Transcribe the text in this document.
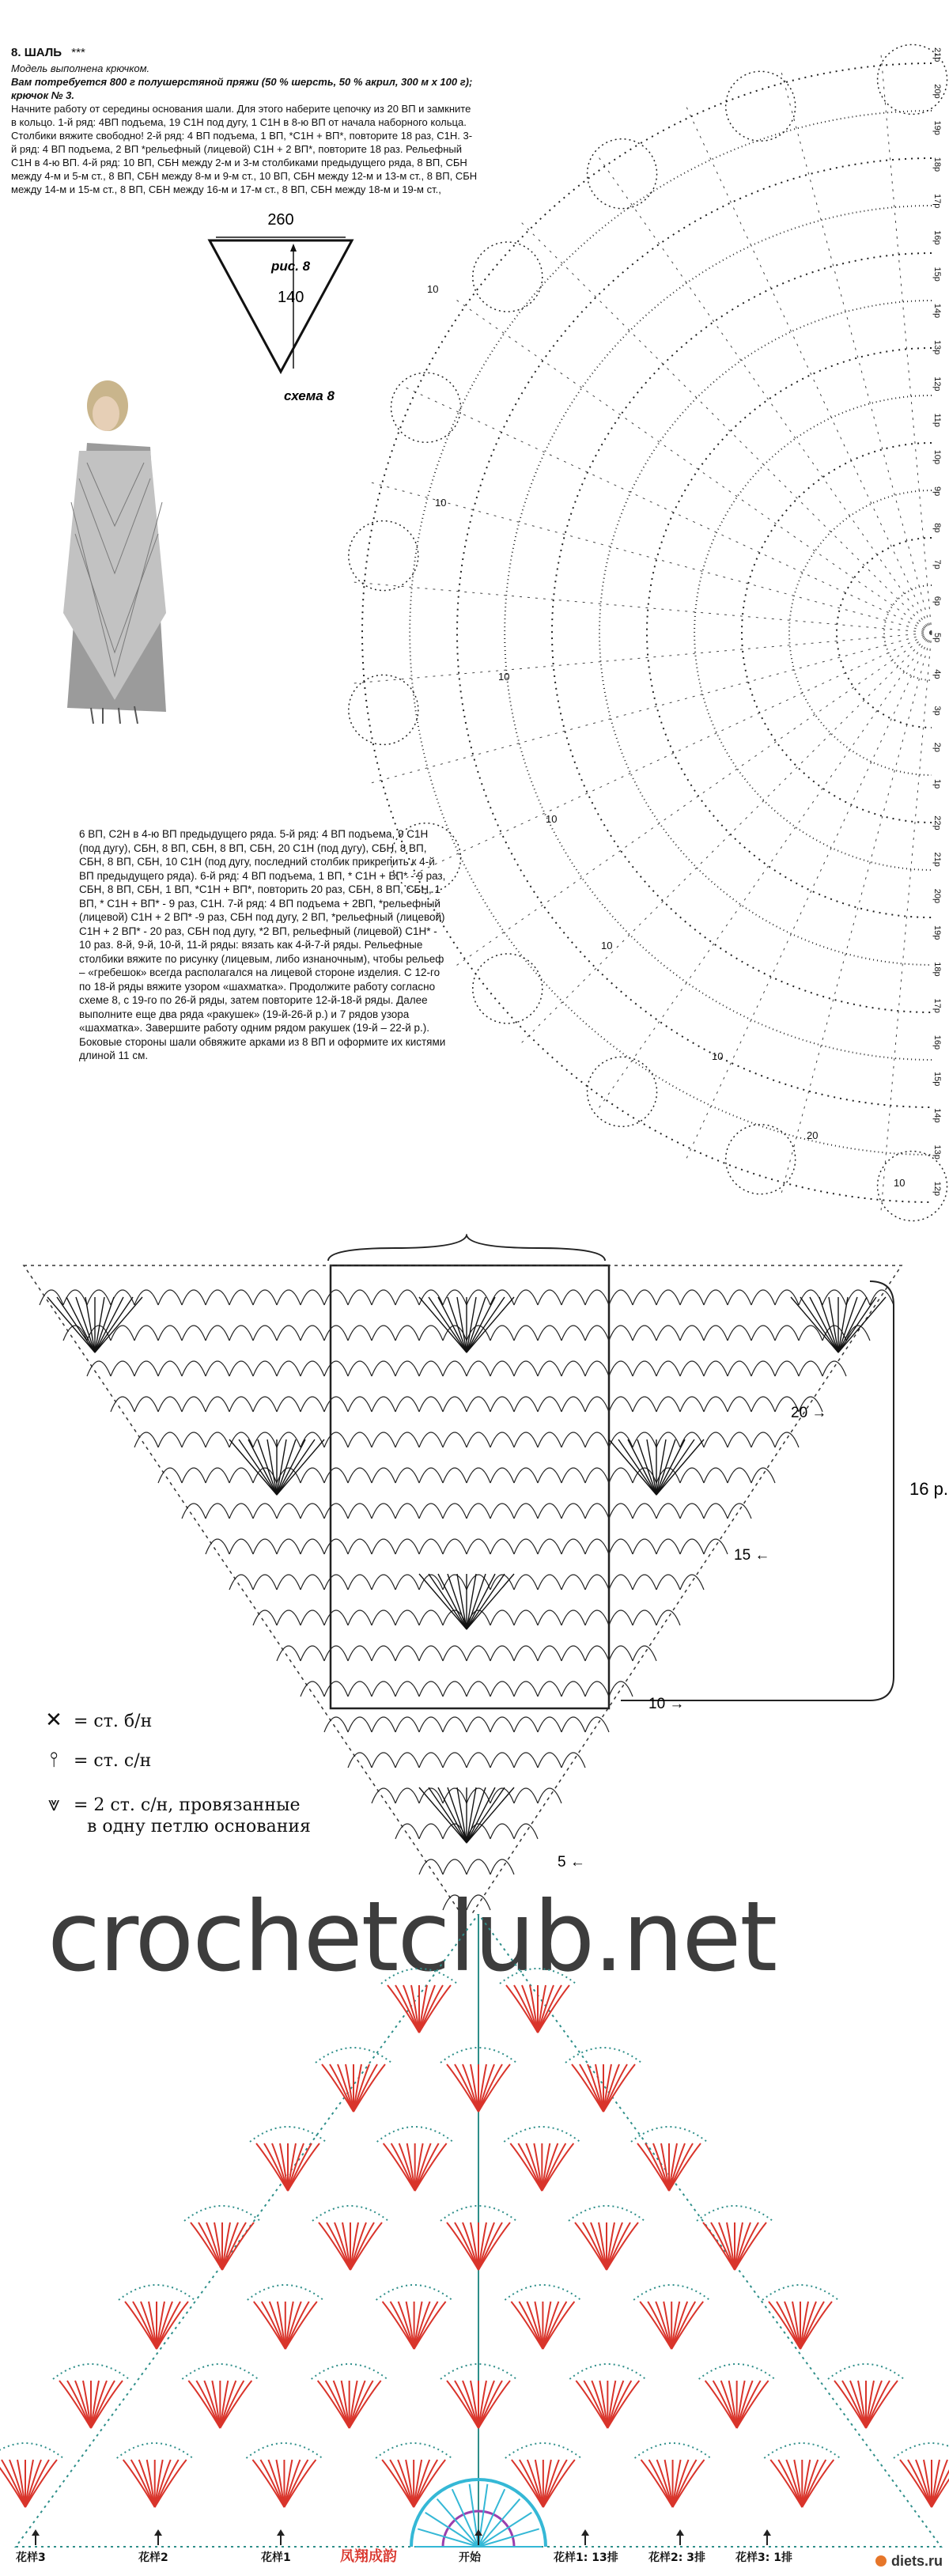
8. ШАЛЬ ***
Модель выполнена крючком.
Вам потребуется 800 г полушерстяной пряжи (50 % шерсть, 50 % акрил, 300 м x 100 г); крючок № 3.
Начните работу от середины основания шали. Для этого наберите цепочку из 20 ВП и замкните в кольцо. 1-й ряд: 4ВП подъема, 19 С1Н под дугу, 1 С1Н в 8-ю ВП от начала наборного кольца. Столбики вяжите свободно! 2-й ряд: 4 ВП подъема, 1 ВП, *С1Н + ВП*, повторите 18 раз, С1Н. 3-й ряд: 4 ВП подъема, 2 ВП *рельефный (лицевой) С1Н + 2 ВП*, повторите 18 раз. Рельефный С1Н в 4-ю ВП. 4-й ряд: 10 ВП, СБН между 2-м и 3-м столбиками предыдущего ряда, 8 ВП, СБН между 4-м и 5-м ст., 8 ВП, СБН между 8-м и 9-м ст., 10 ВП, СБН между 12-м и 13-м ст., 8 ВП, СБН между 14-м и 15-м ст., 8 ВП, СБН между 16-м и 17-м ст., 8 ВП, СБН между 18-м и 19-м ст.,
260
140
рис. 8
схема 8
21р
20р
19р
18р
17р
16р
15р
14р
13р
12р
11р
10р
9р
8р
7р
6р
5р
4р
3р
2р
1р
22р
21р
20р
19р
18р
17р
16р
15р
14р
13р
12р
10
10
10
10
10
10
20
10
6 ВП, С2Н в 4-ю ВП предыдущего ряда. 5-й ряд: 4 ВП подъема, 9 С1Н (под дугу), СБН, 8 ВП, СБН, 8 ВП, СБН, 20 С1Н (под дугу), СБН, 8 ВП, СБН, 8 ВП, СБН, 10 С1Н (под дугу, последний столбик прикрепить к 4-й ВП предыдущего ряда). 6-й ряд: 4 ВП подъема, 1 ВП, * С1Н + ВП* - 9 раз, СБН, 8 ВП, СБН, 1 ВП, *С1Н + ВП*, повторить 20 раз, СБН, 8 ВП, СБН, 1 ВП, * С1Н + ВП* - 9 раз, С1Н. 7-й ряд: 4 ВП подъема + 2ВП, *рельефный (лицевой) С1Н + 2 ВП* -9 раз, СБН под дугу, 2 ВП, *рельефный (лицевой) С1Н + 2 ВП* - 20 раз, СБН под дугу, *2 ВП, рельефный (лицевой) С1Н* - 10 раз. 8-й, 9-й, 10-й, 11-й ряды: вязать как 4-й-7-й ряды. Рельефные столбики вяжите по рисунку (лицевым, либо изнаночным), чтобы рельеф – «гребешок» всегда располагался на лицевой стороне изделия. С 12-го по 18-й ряды вяжите узором «шахматка». Продолжите работу согласно схеме 8, с 19-го по 26-й ряды, затем повторите 12-й-18-й ряды. Далее выполните еще два ряда «ракушек» (19-й-26-й р.) и 7 рядов узора «шахматка». Завершите работу одним рядом ракушек (19-й – 22-й р.). Боковые стороны шали обвяжите арками из 8 ВП и оформите их кистями длиной 11 см.
16 р.
20 →
15 ←
10 →
5 ←
✕ = ст. б/н
⫯ = ст. с/н
⩔ = 2 ст. с/н, провязанные
в одну петлю основания
crochetclub.net
花样3	花样2	花样1	凤翔成韵	开始	花样1: 13排	花样2: 3排	花样3: 1排	diets.ru
